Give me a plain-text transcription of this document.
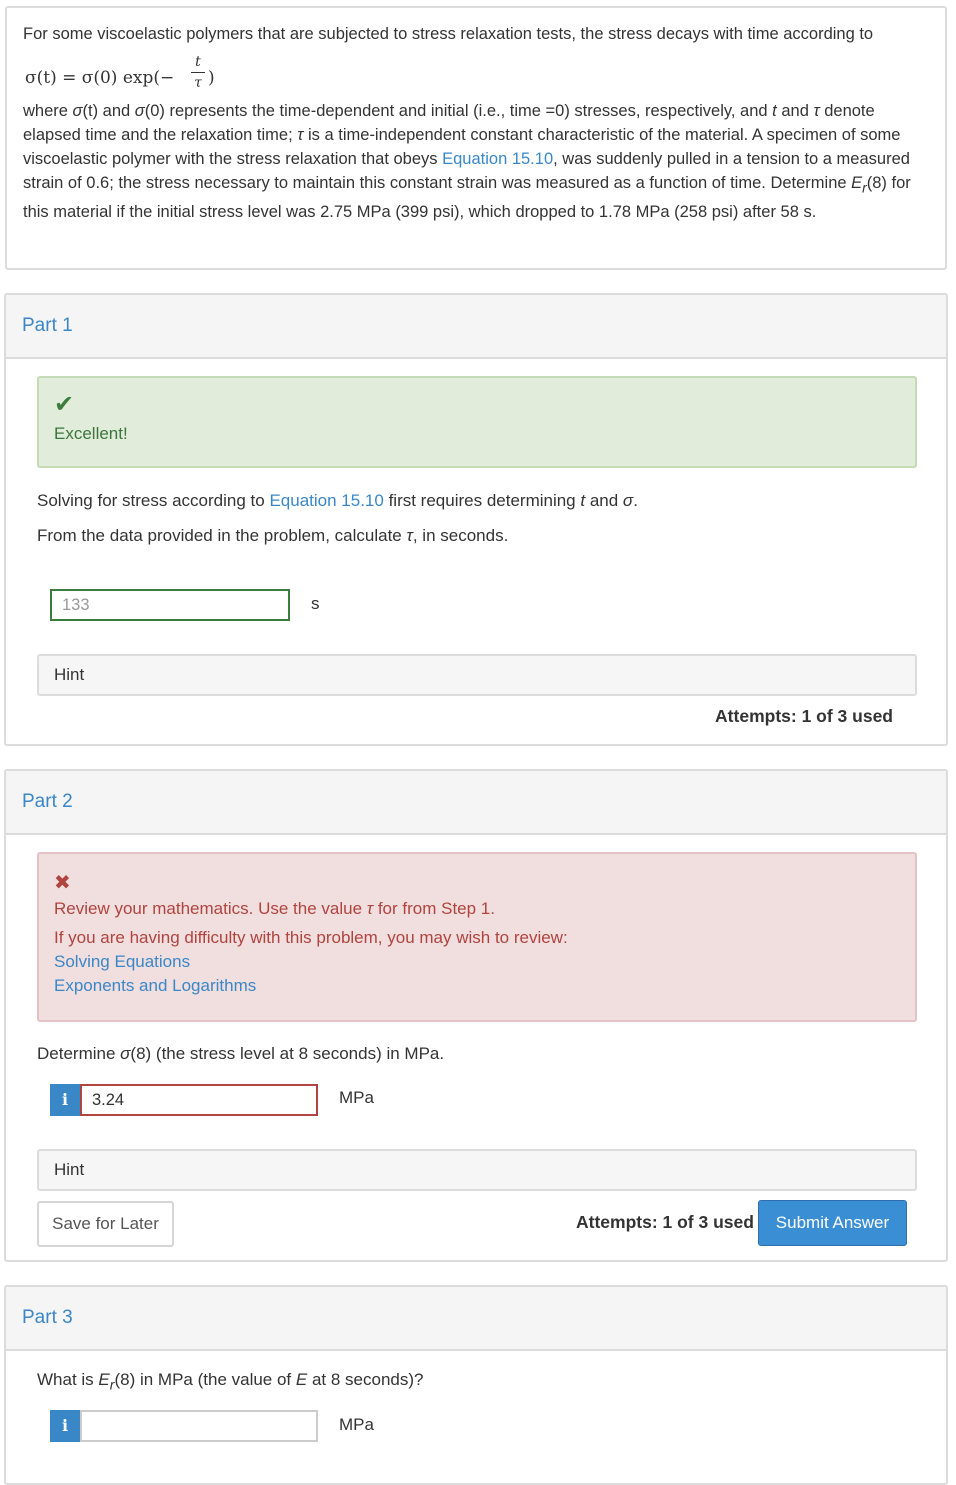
For some viscoelastic polymers that are subjected to stress relaxation tests, the stress decays with time according to

σ(t) = σ(0) exp(−
t
τ )

where σ(t) and σ(0) represents the time-dependent and initial (i.e., time =0) stresses, respectively, and t and τ denote elapsed time and the relaxation time; τ is a time-independent constant characteristic of the material. A specimen of some viscoelastic polymer with the stress relaxation that obeys Equation 15.10, was suddenly pulled in a tension to a measured strain of 0.6; the stress necessary to maintain this constant strain was measured as a function of time. Determine $E_r(8)$ for this material if the initial stress level was 2.75 MPa (399 psi), which dropped to 1.78 MPa (258 psi) after 58 s.

Part 1
✔
Excellent!
Solving for stress according to Equation 15.10 first requires determining t and σ.
From the data provided in the problem, calculate τ, in seconds.
133	s
Hint
Attempts: 1 of 3 used
Part 2
✖
Review your mathematics. Use the value τ for from Step 1.
If you are having difficulty with this problem, you may wish to review:
Solving Equations
Exponents and Logarithms
Determine σ(8) (the stress level at 8 seconds) in MPa.
i	3.24	MPa
Hint
Save for Later	Attempts: 1 of 3 used	Submit Answer
Part 3
What is $E_r(8)$ in MPa (the value of E at 8 seconds)?
i	MPa
